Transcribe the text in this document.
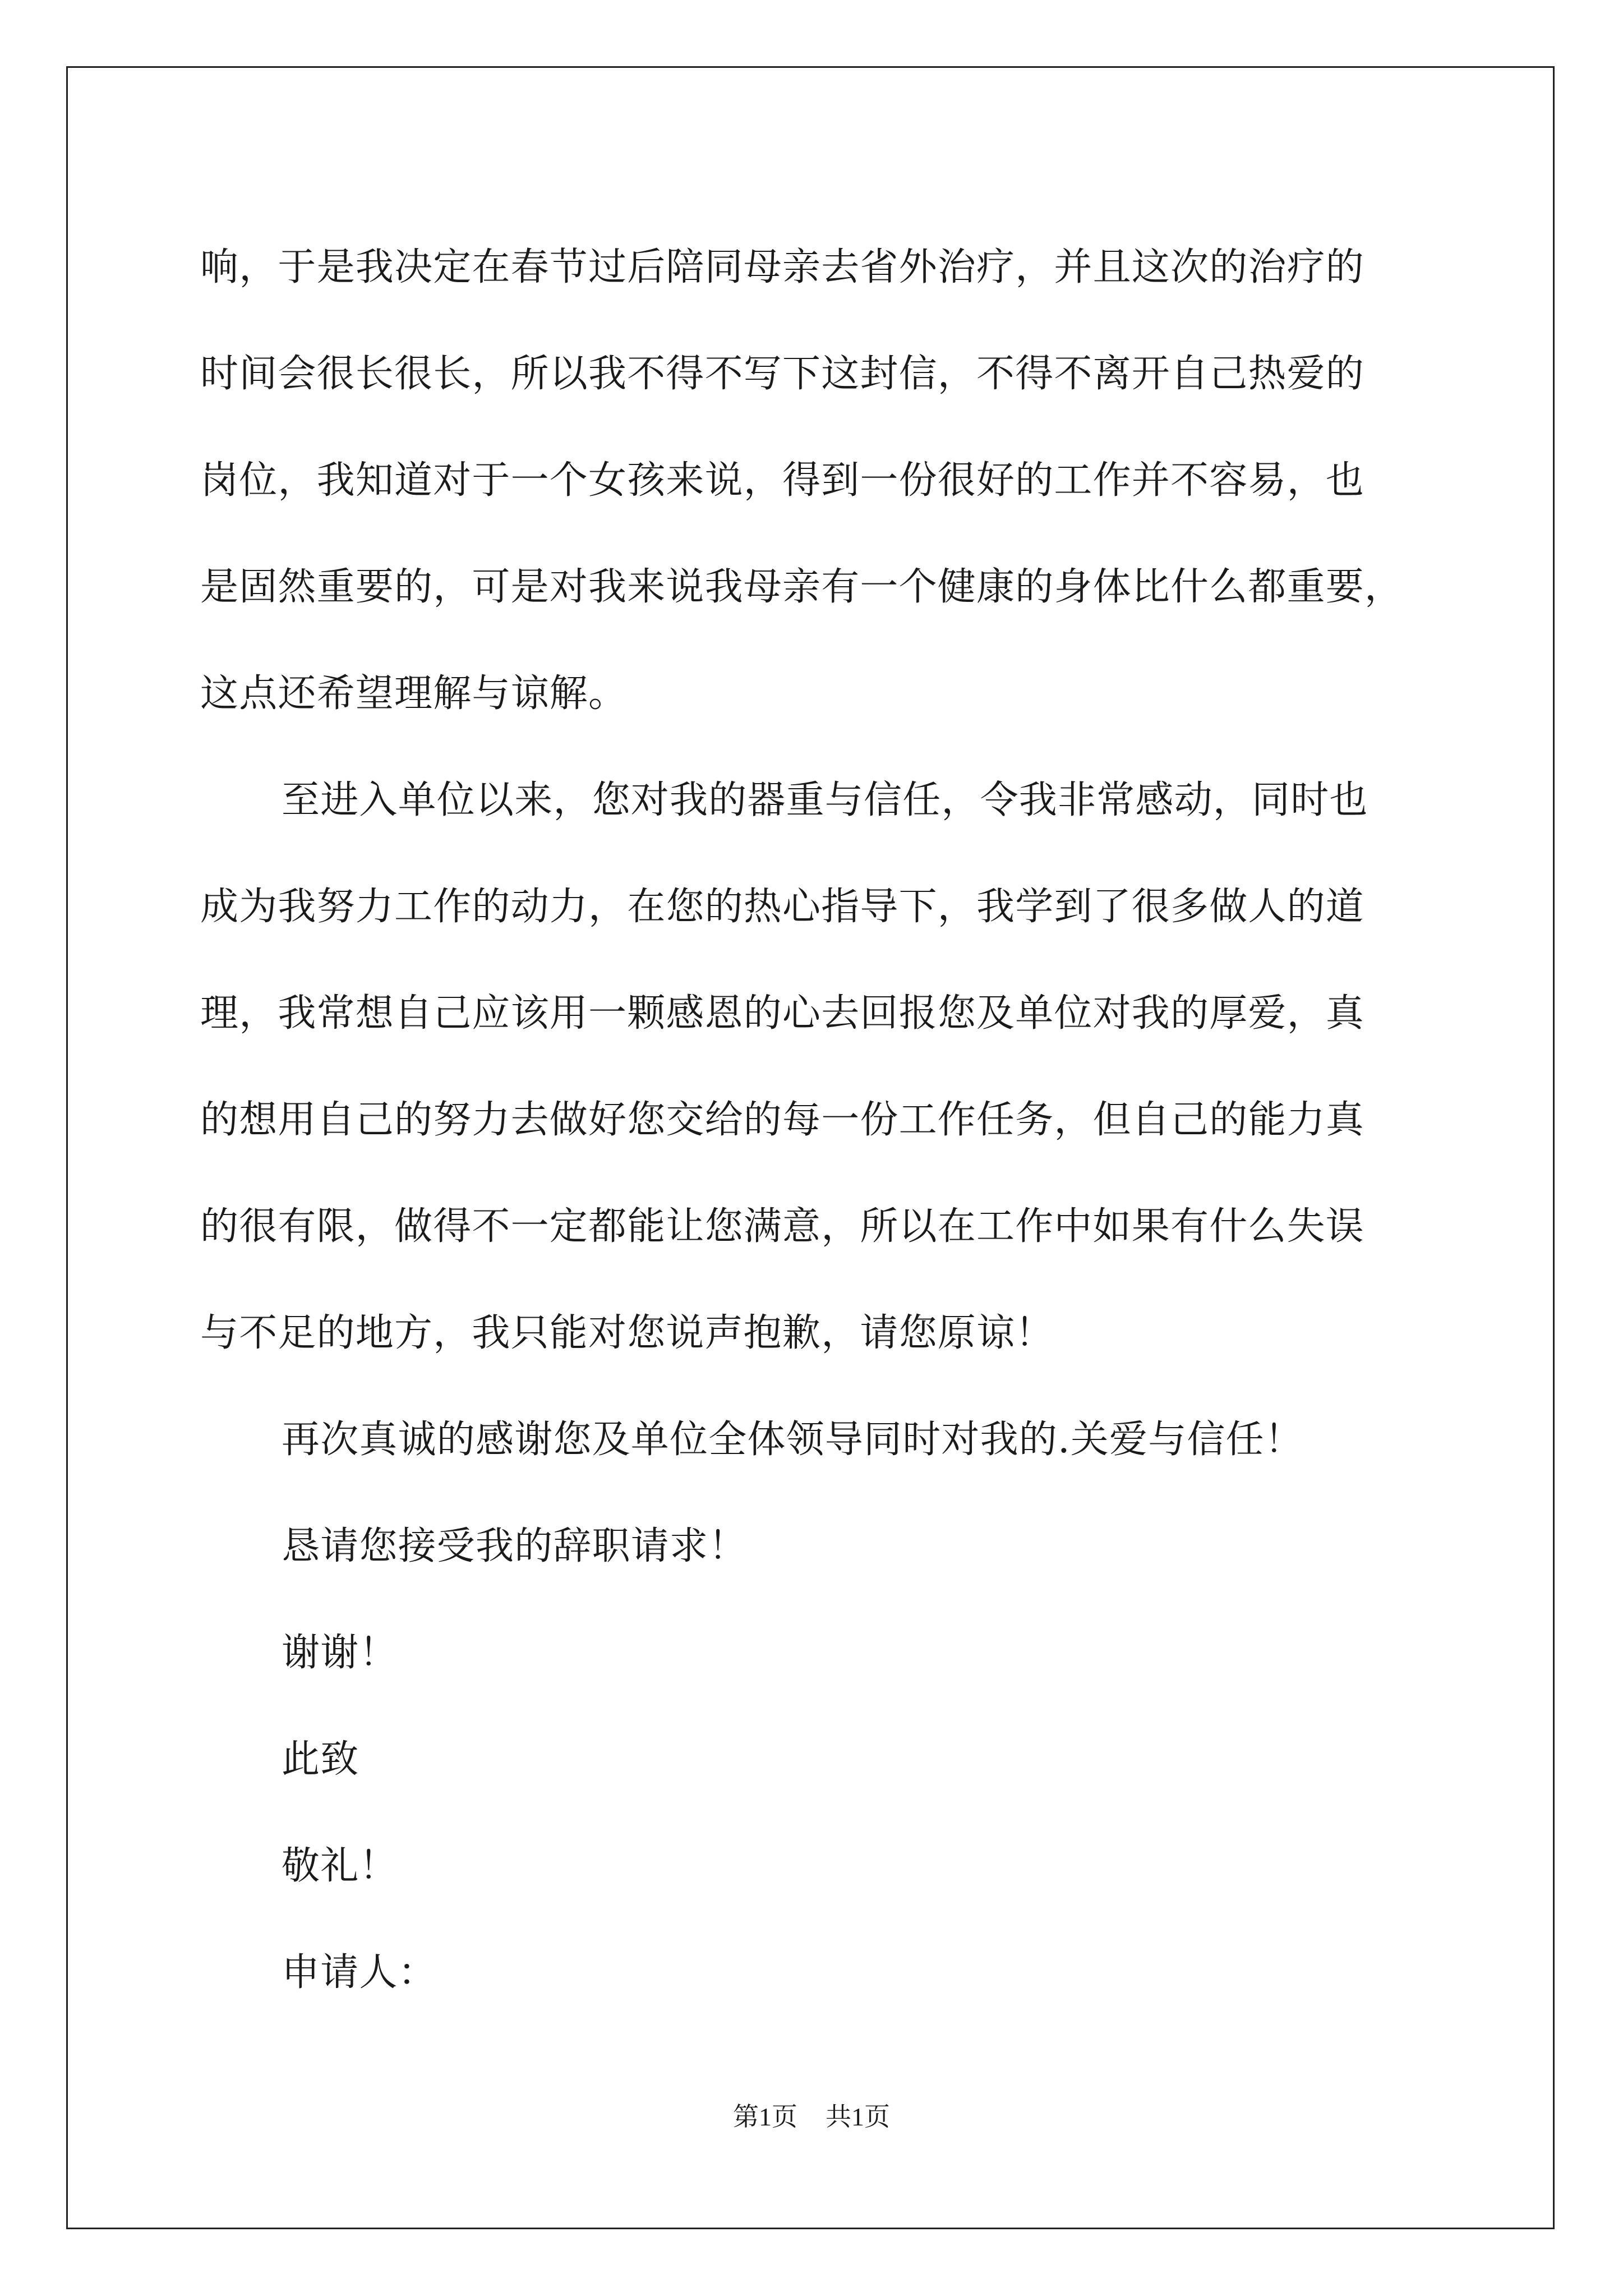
响，于是我决定在春节过后陪同母亲去省外治疗，并且这次的治疗的
时间会很长很长，所以我不得不写下这封信，不得不离开自己热爱的
岗位，我知道对于一个女孩来说，得到一份很好的工作并不容易，也
是固然重要的，可是对我来说我母亲有一个健康的身体比什么都重要，
这点还希望理解与谅解。
至进入单位以来，您对我的器重与信任，令我非常感动，同时也
成为我努力工作的动力，在您的热心指导下，我学到了很多做人的道
理，我常想自己应该用一颗感恩的心去回报您及单位对我的厚爱，真
的想用自己的努力去做好您交给的每一份工作任务，但自己的能力真
的很有限，做得不一定都能让您满意，所以在工作中如果有什么失误
与不足的地方，我只能对您说声抱歉，请您原谅！
再次真诚的感谢您及单位全体领导同时对我的.关爱与信任！
恳请您接受我的辞职请求！
谢谢！
此致
敬礼！
申请人：
第1页 共1页
